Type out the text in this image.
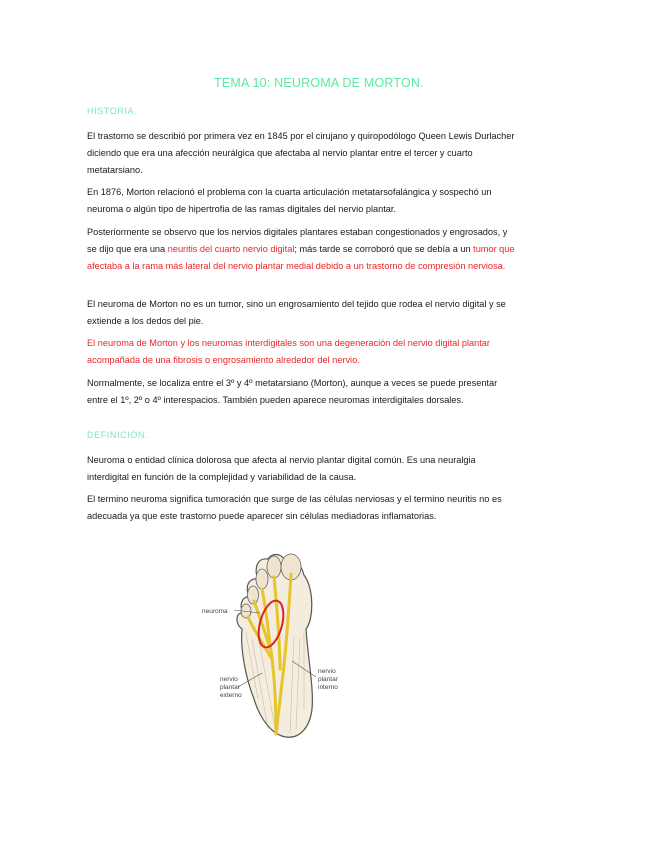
TEMA 10: NEUROMA DE MORTON.
HISTORIA.
El trastorno se describió por primera vez en 1845 por el cirujano y quiropodólogo Queen Lewis Durlacher diciendo que era una afección neurálgica que afectaba al nervio plantar entre el tercer y cuarto metatarsiano.
En 1876, Morton relacionó el problema con la cuarta articulación metatarsofalángica y sospechó un neuroma o algún tipo de hipertrofia de las ramas digitales del nervio plantar.
Posteriormente se observo que los nervios digitales plantares estaban congestionados y engrosados, y se dijo que era una neuritis del cuarto nervio digital; más tarde se corroboró que se debía a un tumor que afectaba a la rama más lateral del nervio plantar medial debido a un trastorno de compresión nerviosa.
El neuroma de Morton no es un tumor, sino un engrosamiento del tejido que rodea el nervio digital y se extiende a los dedos del pie.
El neuroma de Morton y los neuromas interdigitales son una degeneración del nervio digital plantar acompañada de una fibrosis o engrosamiento alrededor del nervio.
Normalmente, se localiza entre el 3º y 4º metatarsiano (Morton), aunque a veces se puede presentar entre el 1º, 2º o 4º interespacios. También pueden aparece neuromas interdigitales dorsales.
DEFINICIÓN.
Neuroma o entidad clínica dolorosa que afecta al nervio plantar digital común. Es una neuralgia interdigital en función de la complejidad y variabilidad de la causa.
El termino neuroma significa tumoración que surge de las células nerviosas y el termino neuritis no es adecuada ya que este trastorno puede aparecer sin células mediadoras inflamatorias.
neuroma
nervio
plantar
externo
nervio
plantar
interno
